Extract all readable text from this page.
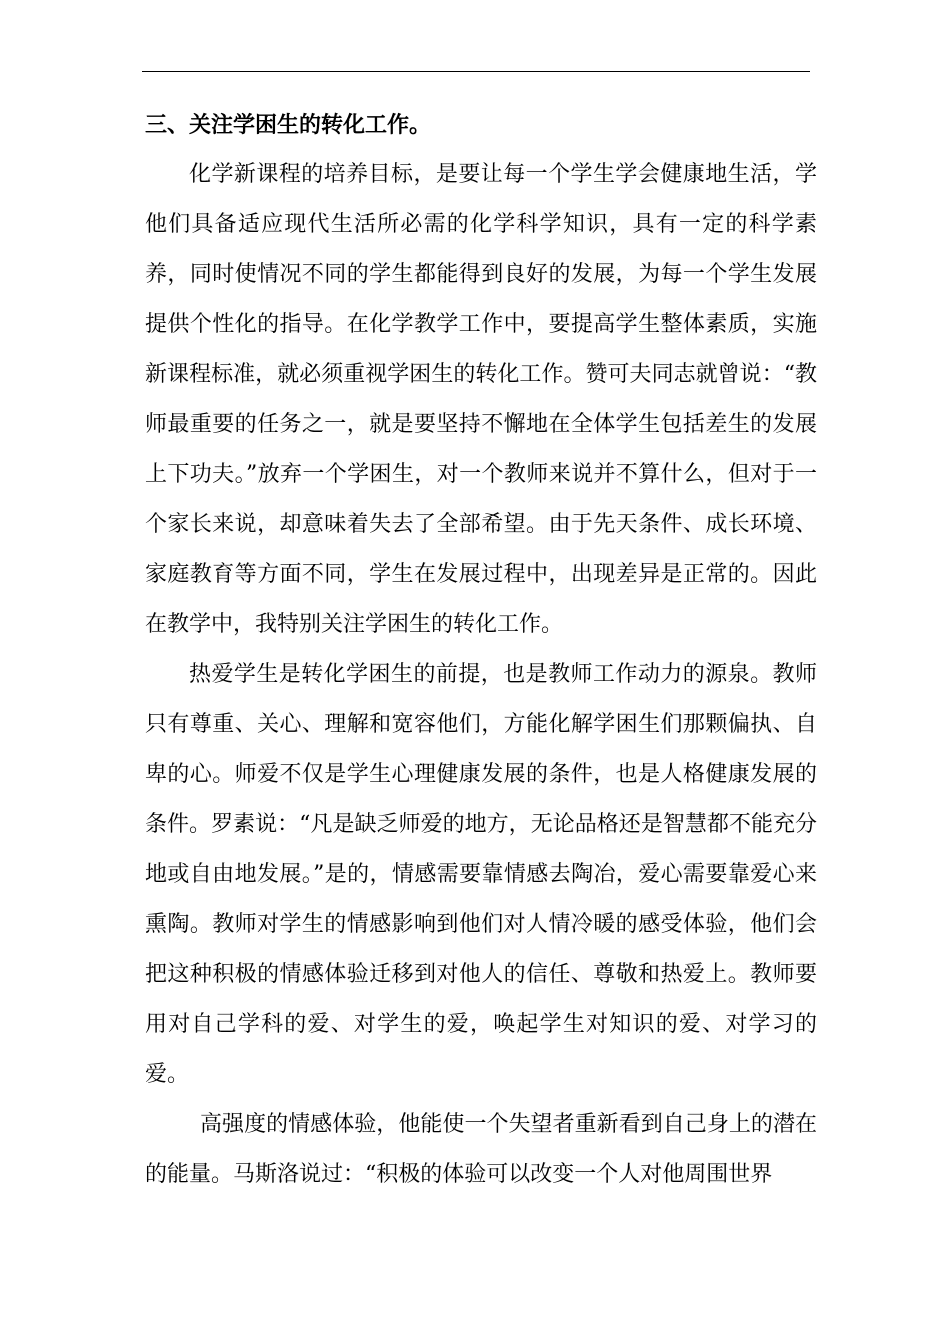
三、关注学困生的转化工作。

化学新课程的培养目标，是要让每一个学生学会健康地生活，学他们具备适应现代生活所必需的化学科学知识，具有一定的科学素养，同时使情况不同的学生都能得到良好的发展，为每一个学生发展提供个性化的指导。在化学教学工作中，要提高学生整体素质，实施新课程标准，就必须重视学困生的转化工作。赞可夫同志就曾说：“教师最重要的任务之一，就是要坚持不懈地在全体学生包括差生的发展上下功夫。”放弃一个学困生，对一个教师来说并不算什么，但对于一个家长来说，却意味着失去了全部希望。由于先天条件、成长环境、家庭教育等方面不同，学生在发展过程中，出现差异是正常的。因此在教学中，我特别关注学困生的转化工作。

热爱学生是转化学困生的前提，也是教师工作动力的源泉。教师只有尊重、关心、理解和宽容他们，方能化解学困生们那颗偏执、自卑的心。师爱不仅是学生心理健康发展的条件，也是人格健康发展的条件。罗素说：“凡是缺乏师爱的地方，无论品格还是智慧都不能充分地或自由地发展。”是的，情感需要靠情感去陶冶，爱心需要靠爱心来熏陶。教师对学生的情感影响到他们对人情冷暖的感受体验，他们会把这种积极的情感体验迁移到对他人的信任、尊敬和热爱上。教师要用对自己学科的爱、对学生的爱，唤起学生对知识的爱、对学习的爱。

高强度的情感体验，他能使一个失望者重新看到自己身上的潜在的能量。马斯洛说过：“积极的体验可以改变一个人对他周围世界
